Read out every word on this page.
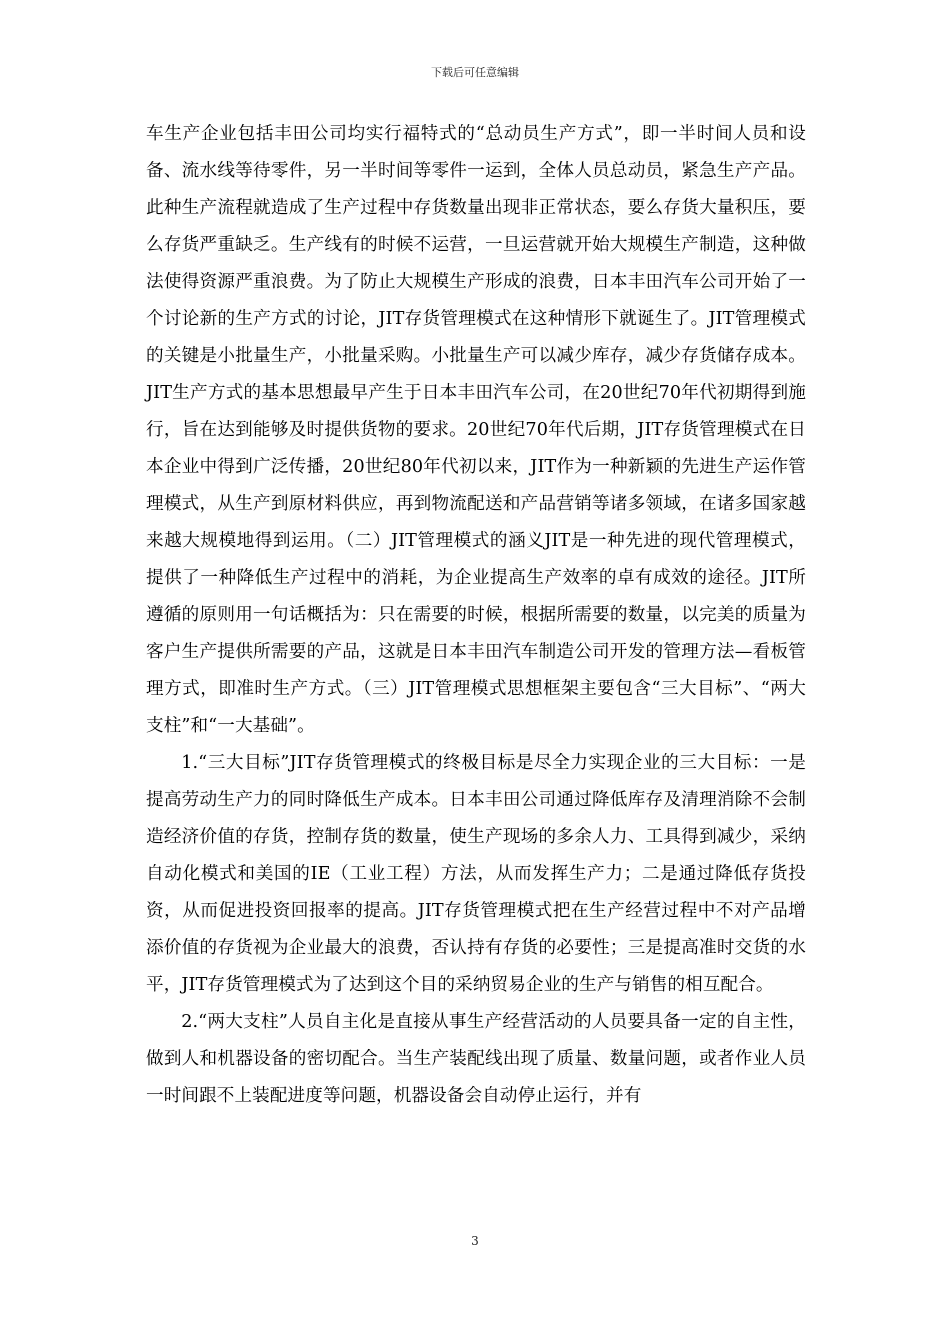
下载后可任意编辑

车生产企业包括丰田公司均实行福特式的“总动员生产方式”，即一半时间人员和设备、流水线等待零件，另一半时间等零件一运到，全体人员总动员，紧急生产产品。此种生产流程就造成了生产过程中存货数量出现非正常状态，要么存货大量积压，要么存货严重缺乏。生产线有的时候不运营，一旦运营就开始大规模生产制造，这种做法使得资源严重浪费。为了防止大规模生产形成的浪费，日本丰田汽车公司开始了一个讨论新的生产方式的讨论，JIT存货管理模式在这种情形下就诞生了。JIT管理模式的关键是小批量生产，小批量采购。小批量生产可以减少库存，减少存货储存成本。JIT生产方式的基本思想最早产生于日本丰田汽车公司，在20世纪70年代初期得到施行，旨在达到能够及时提供货物的要求。20世纪70年代后期，JIT存货管理模式在日本企业中得到广泛传播，20世纪80年代初以来，JIT作为一种新颖的先进生产运作管理模式，从生产到原材料供应，再到物流配送和产品营销等诸多领域，在诸多国家越来越大规模地得到运用。（二）JIT管理模式的涵义JIT是一种先进的现代管理模式，提供了一种降低生产过程中的消耗，为企业提高生产效率的卓有成效的途径。JIT所遵循的原则用一句话概括为：只在需要的时候，根据所需要的数量，以完美的质量为客户生产提供所需要的产品，这就是日本丰田汽车制造公司开发的管理方法—看板管理方式，即准时生产方式。（三）JIT管理模式思想框架主要包含“三大目标”、“两大支柱”和“一大基础”。

1.“三大目标”JIT存货管理模式的终极目标是尽全力实现企业的三大目标：一是提高劳动生产力的同时降低生产成本。日本丰田公司通过降低库存及清理消除不会制造经济价值的存货，控制存货的数量，使生产现场的多余人力、工具得到减少，采纳自动化模式和美国的IE（工业工程）方法，从而发挥生产力；二是通过降低存货投资，从而促进投资回报率的提高。JIT存货管理模式把在生产经营过程中不对产品增添价值的存货视为企业最大的浪费，否认持有存货的必要性；三是提高准时交货的水平，JIT存货管理模式为了达到这个目的采纳贸易企业的生产与销售的相互配合。

2.“两大支柱”人员自主化是直接从事生产经营活动的人员要具备一定的自主性，做到人和机器设备的密切配合。当生产装配线出现了质量、数量问题，或者作业人员一时间跟不上装配进度等问题，机器设备会自动停止运行，并有

3
